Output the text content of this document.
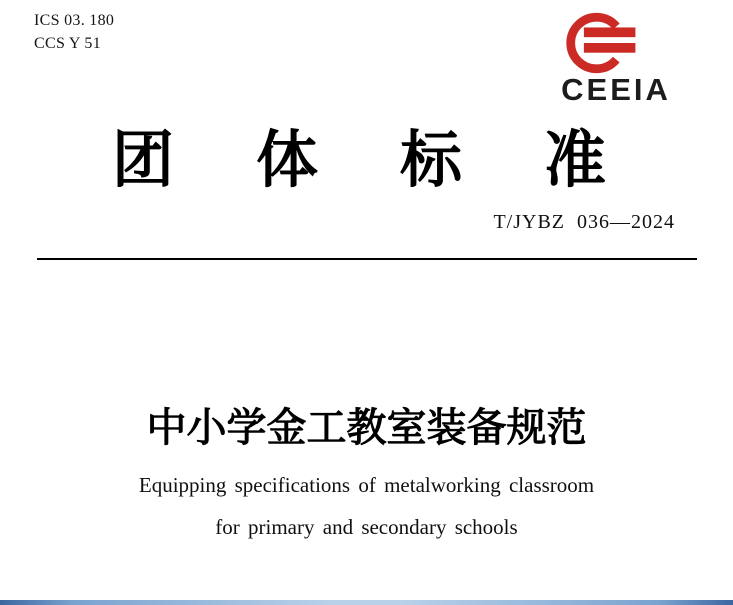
ICS 03. 180
CCS Y 51
CEEIA
团 体 标 准
T/JYBZ 036—2024
中小学金工教室装备规范
Equipping specifications of metalworking classroom
for primary and secondary schools
